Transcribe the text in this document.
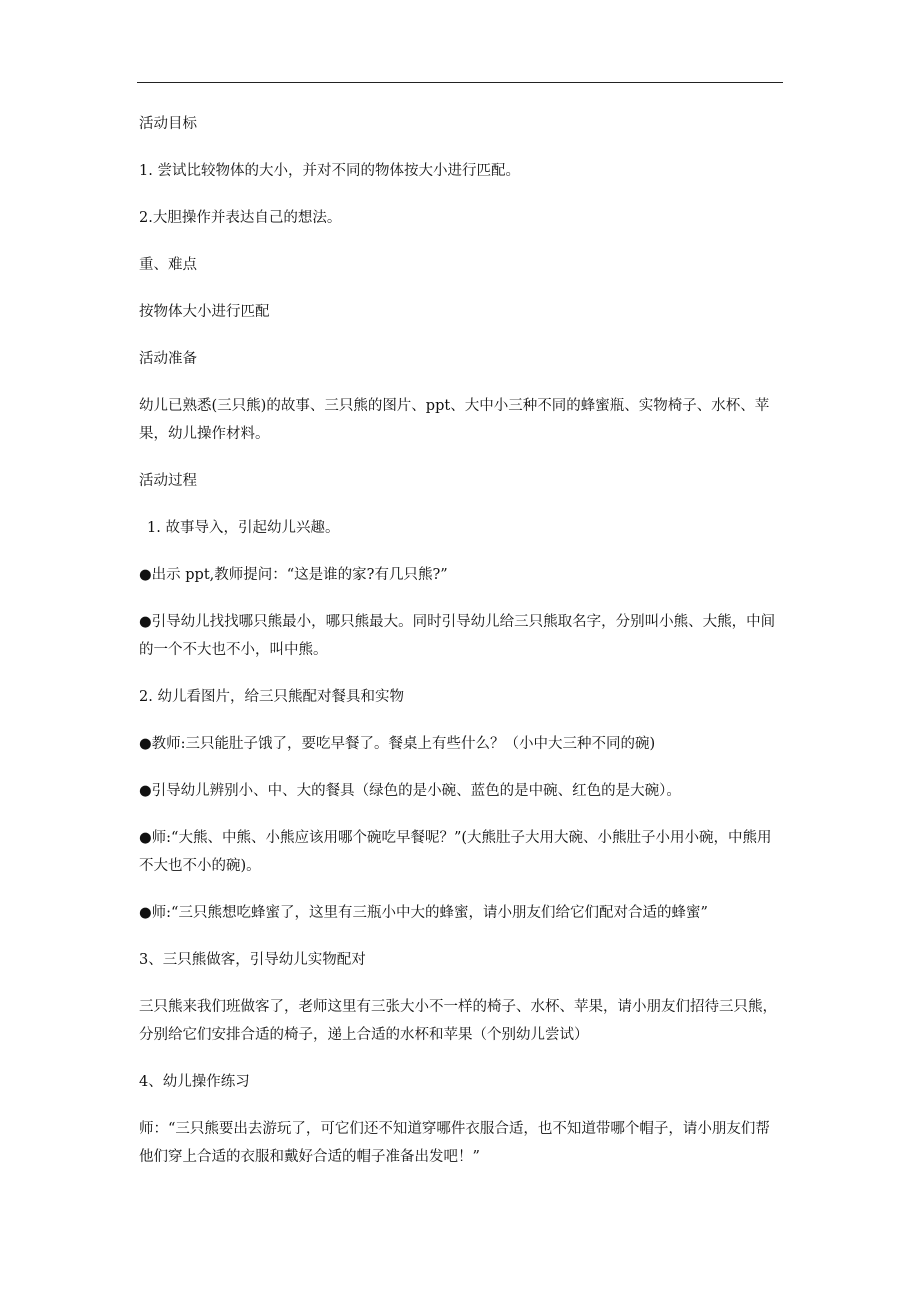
活动目标

1. 尝试比较物体的大小，并对不同的物体按大小进行匹配。

2.大胆操作并表达自己的想法。

重、难点

按物体大小进行匹配

活动准备

幼儿已熟悉(三只熊)的故事、三只熊的图片、ppt、大中小三种不同的蜂蜜瓶、实物椅子、水杯、苹果，幼儿操作材料。

活动过程

1. 故事导入，引起幼儿兴趣。

●出示 ppt,教师提问：“这是谁的家?有几只熊?”

●引导幼儿找找哪只熊最小，哪只熊最大。同时引导幼儿给三只熊取名字，分别叫小熊、大熊，中间的一个不大也不小，叫中熊。

2. 幼儿看图片，给三只熊配对餐具和实物

●教师:三只能肚子饿了，要吃早餐了。餐桌上有些什么？（小中大三种不同的碗)

●引导幼儿辨别小、中、大的餐具（绿色的是小碗、蓝色的是中碗、红色的是大碗）。

●师:“大熊、中熊、小熊应该用哪个碗吃早餐呢？”(大熊肚子大用大碗、小熊肚子小用小碗，中熊用不大也不小的碗)。

●师:“三只熊想吃蜂蜜了，这里有三瓶小中大的蜂蜜，请小朋友们给它们配对合适的蜂蜜”

3、三只熊做客，引导幼儿实物配对

三只熊来我们班做客了，老师这里有三张大小不一样的椅子、水杯、苹果，请小朋友们招待三只熊，分别给它们安排合适的椅子，递上合适的水杯和苹果（个别幼儿尝试）

4、幼儿操作练习

师：“三只熊要出去游玩了，可它们还不知道穿哪件衣服合适，也不知道带哪个帽子，请小朋友们帮他们穿上合适的衣服和戴好合适的帽子准备出发吧！”
